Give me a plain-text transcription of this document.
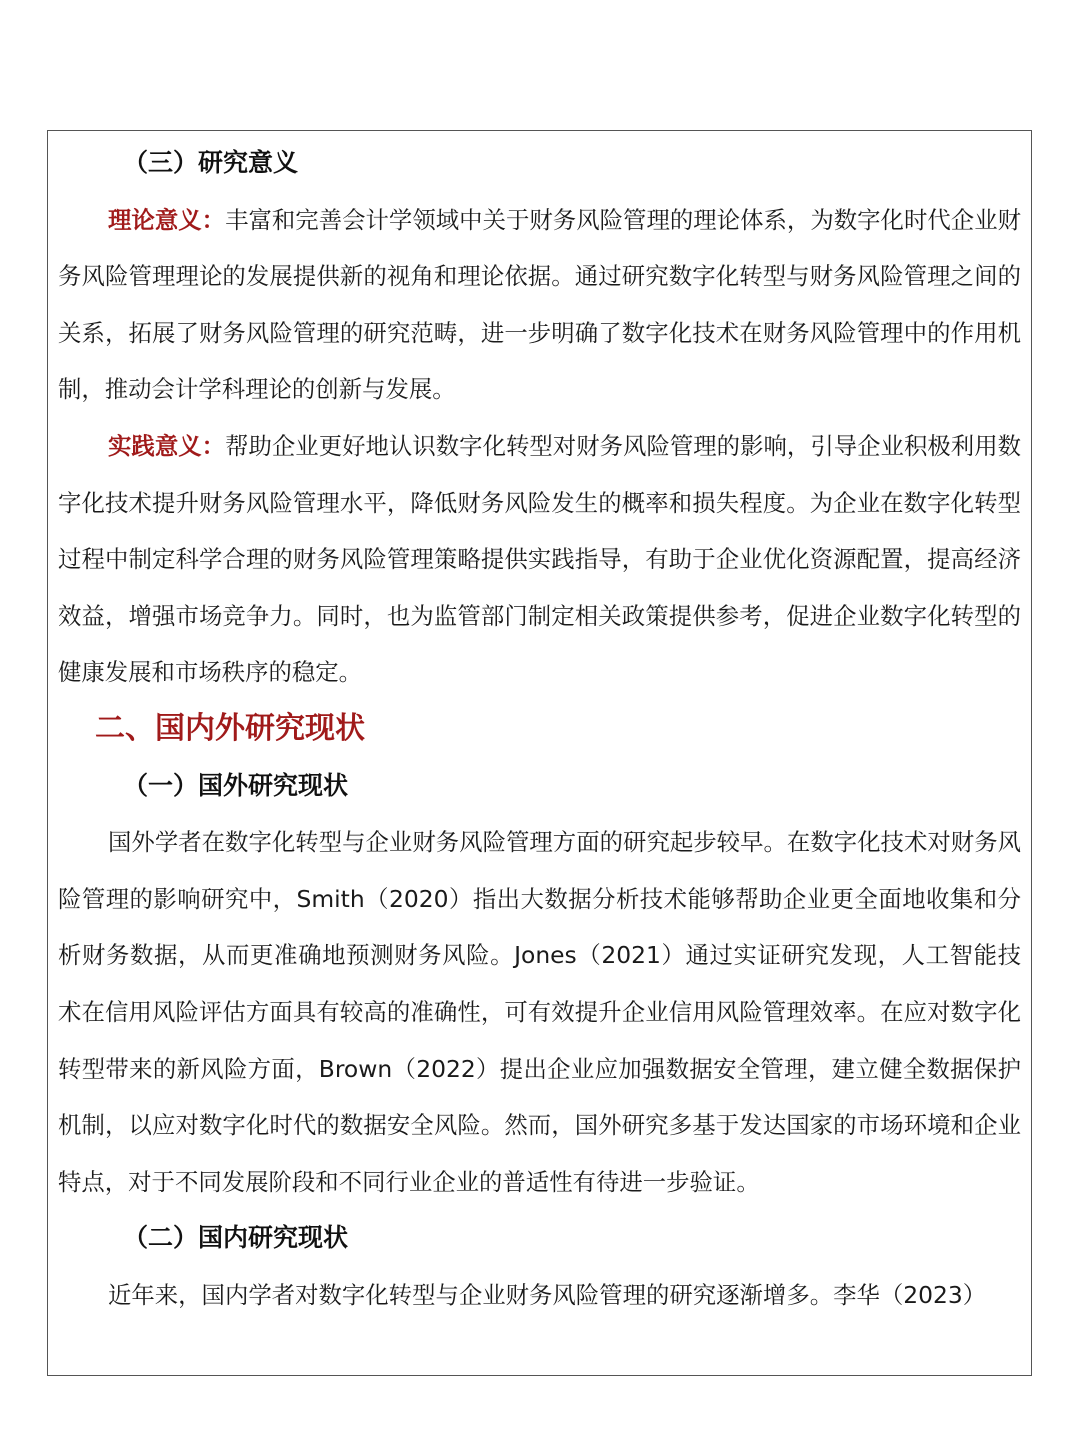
（三）研究意义

理论意义：丰富和完善会计学领域中关于财务风险管理的理论体系，为数字化时代企业财务风险管理理论的发展提供新的视角和理论依据。通过研究数字化转型与财务风险管理之间的关系，拓展了财务风险管理的研究范畴，进一步明确了数字化技术在财务风险管理中的作用机制，推动会计学科理论的创新与发展。

实践意义：帮助企业更好地认识数字化转型对财务风险管理的影响，引导企业积极利用数字化技术提升财务风险管理水平，降低财务风险发生的概率和损失程度。为企业在数字化转型过程中制定科学合理的财务风险管理策略提供实践指导，有助于企业优化资源配置，提高经济效益，增强市场竞争力。同时，也为监管部门制定相关政策提供参考，促进企业数字化转型的健康发展和市场秩序的稳定。

二、国内外研究现状
（一）国外研究现状

国外学者在数字化转型与企业财务风险管理方面的研究起步较早。在数字化技术对财务风险管理的影响研究中，Smith（2020）指出大数据分析技术能够帮助企业更全面地收集和分析财务数据，从而更准确地预测财务风险。Jones（2021）通过实证研究发现，人工智能技术在信用风险评估方面具有较高的准确性，可有效提升企业信用风险管理效率。在应对数字化转型带来的新风险方面，Brown（2022）提出企业应加强数据安全管理，建立健全数据保护机制，以应对数字化时代的数据安全风险。然而，国外研究多基于发达国家的市场环境和企业特点，对于不同发展阶段和不同行业企业的普适性有待进一步验证。

（二）国内研究现状

近年来，国内学者对数字化转型与企业财务风险管理的研究逐渐增多。李华（2023）
